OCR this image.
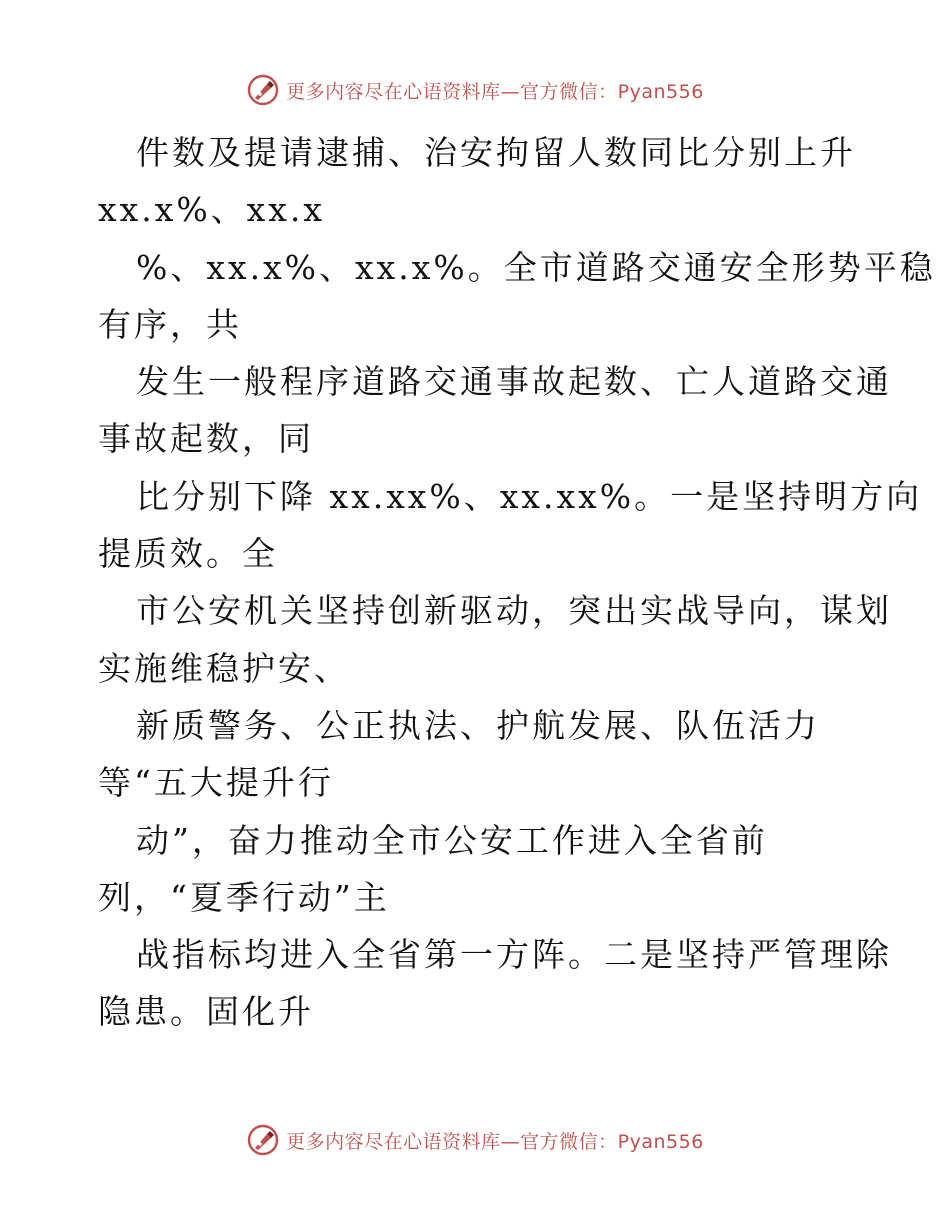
更多内容尽在心语资料库—官方微信：Pyan556
件数及提请逮捕、治安拘留人数同比分别上升
xx.x%、xx.x
%、xx.x%、xx.x%。全市道路交通安全形势平稳
有序，共
发生一般程序道路交通事故起数、亡人道路交通
事故起数，同
比分别下降 xx.xx%、xx.xx%。一是坚持明方向
提质效。全
市公安机关坚持创新驱动，突出实战导向，谋划
实施维稳护安、
新质警务、公正执法、护航发展、队伍活力
等“五大提升行
动”，奋力推动全市公安工作进入全省前
列，“夏季行动”主
战指标均进入全省第一方阵。二是坚持严管理除
隐患。固化升
更多内容尽在心语资料库—官方微信：Pyan556
